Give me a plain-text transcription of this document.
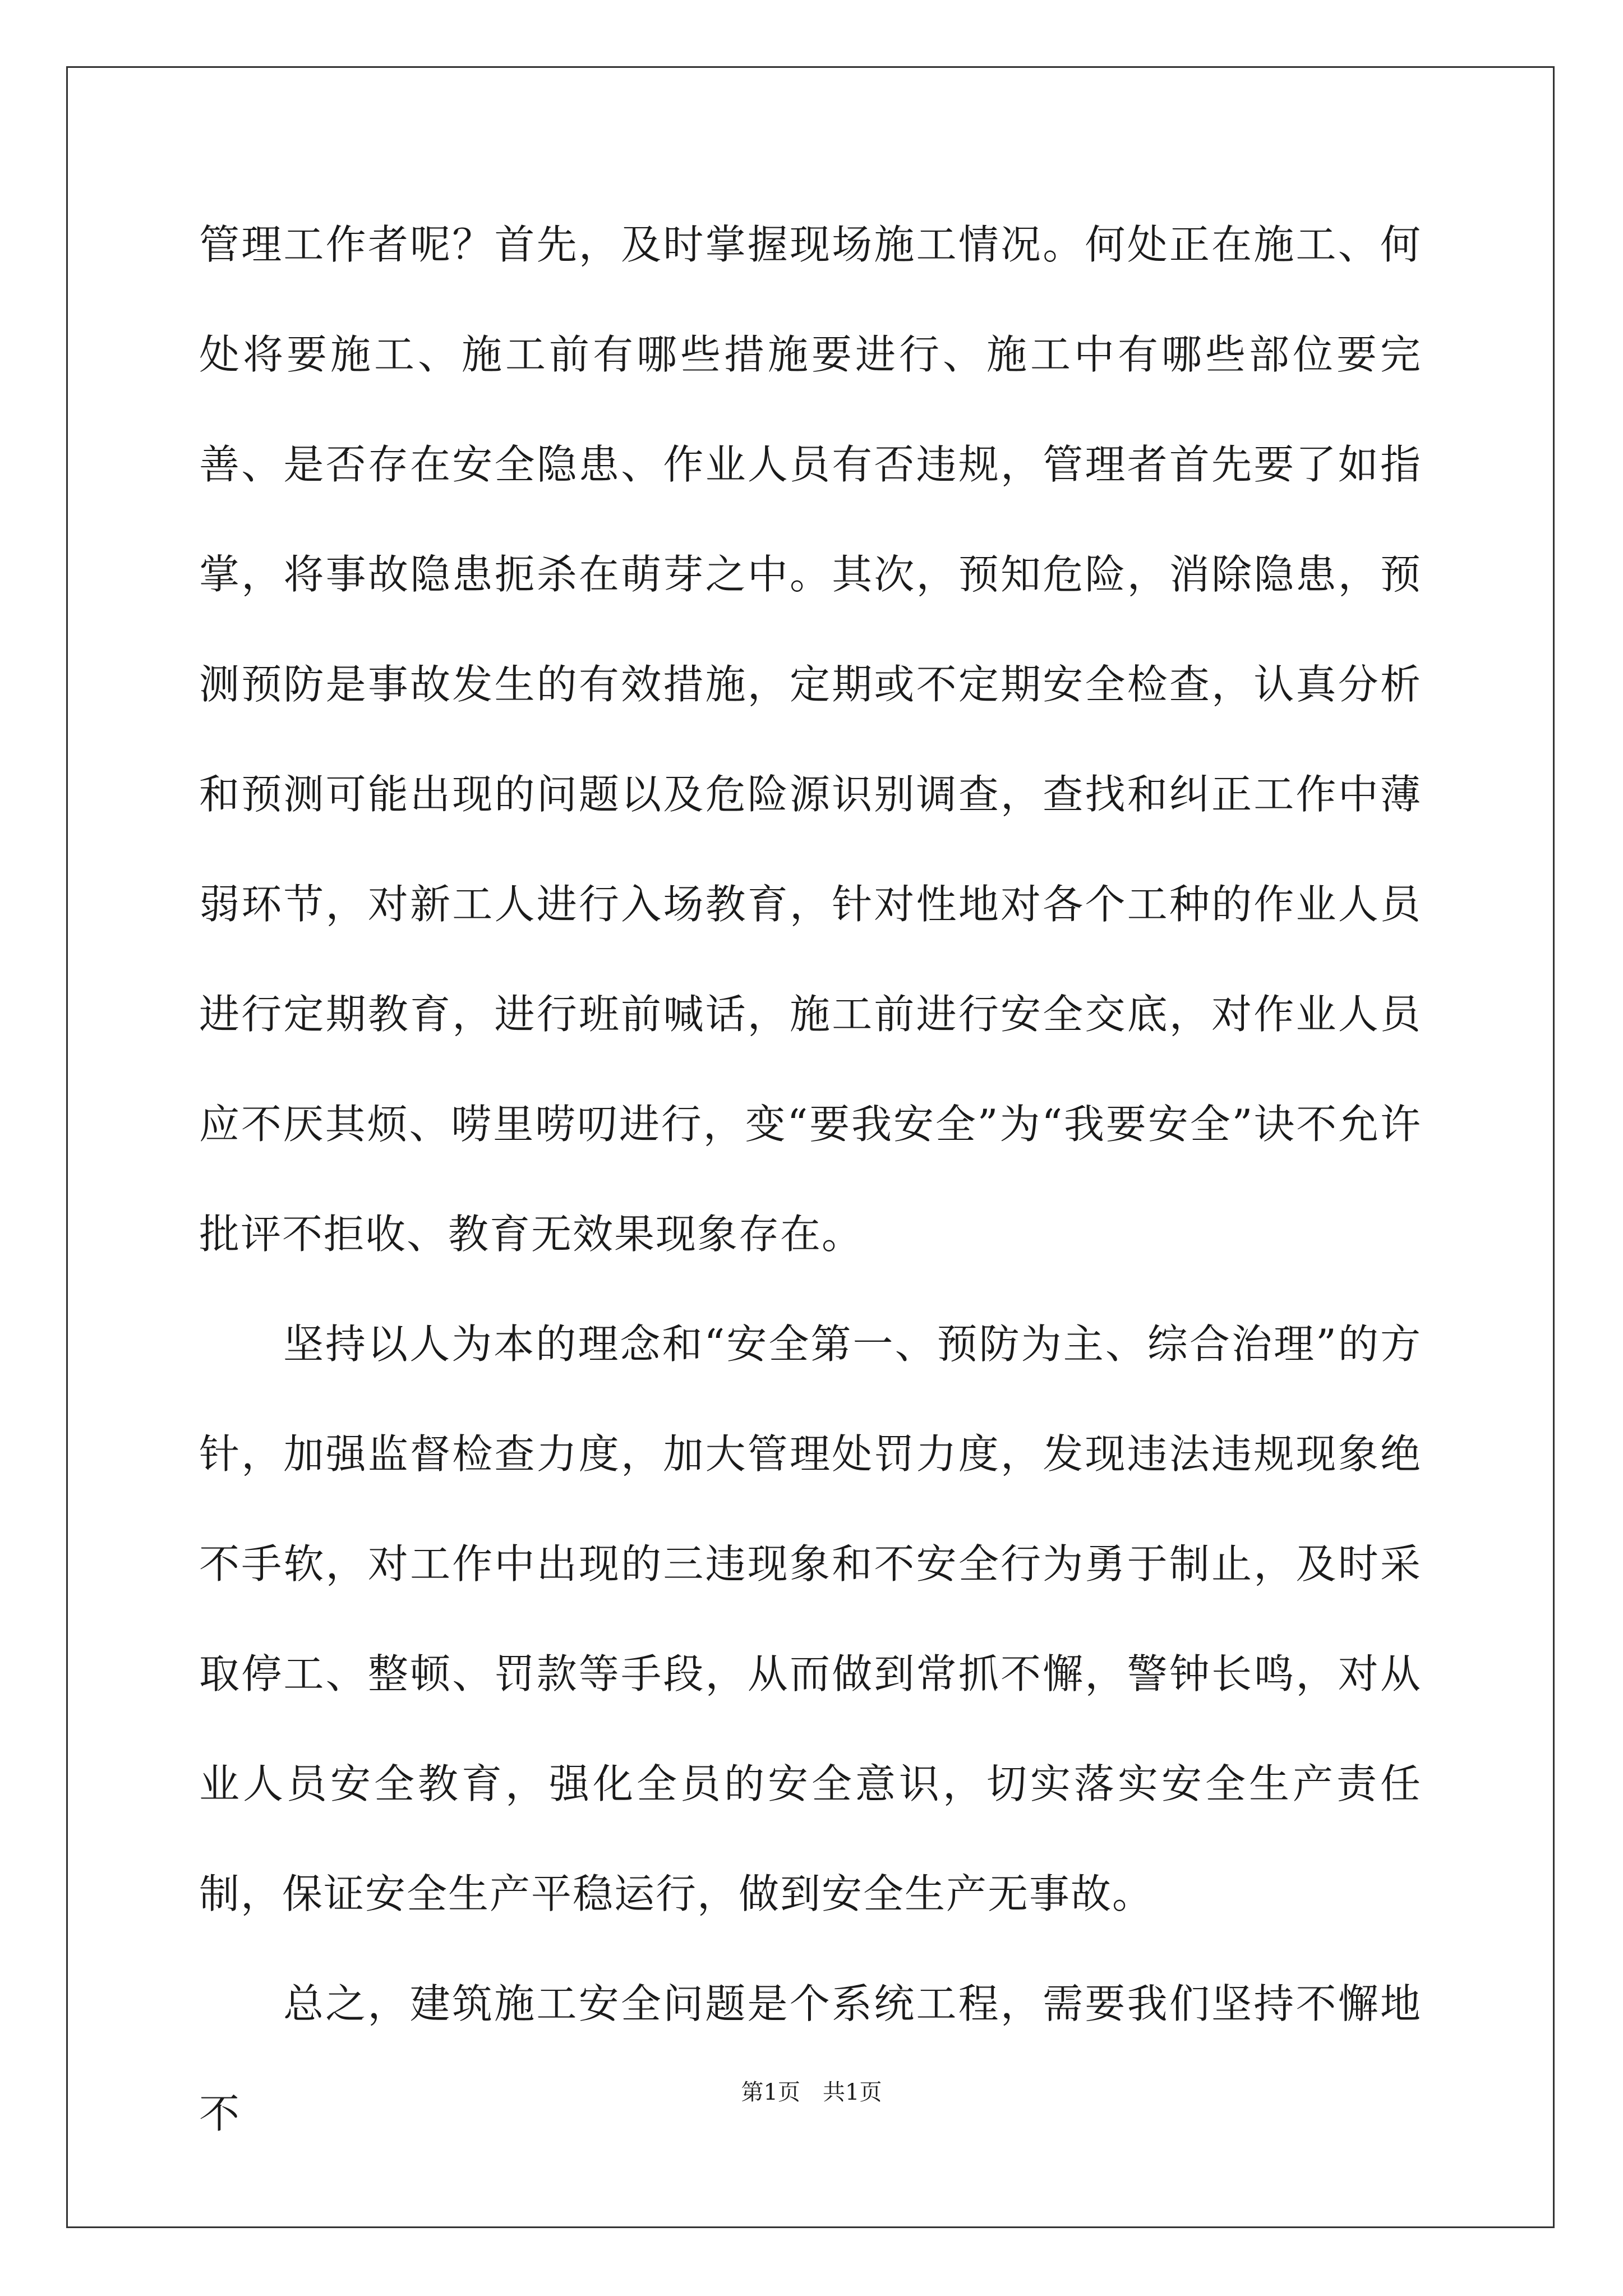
管理工作者呢？首先，及时掌握现场施工情况。何处正在施工、何处将要施工、施工前有哪些措施要进行、施工中有哪些部位要完善、是否存在安全隐患、作业人员有否违规，管理者首先要了如指掌，将事故隐患扼杀在萌芽之中。其次，预知危险，消除隐患，预测预防是事故发生的有效措施，定期或不定期安全检查，认真分析和预测可能出现的问题以及危险源识别调查，查找和纠正工作中薄弱环节，对新工人进行入场教育，针对性地对各个工种的作业人员进行定期教育，进行班前喊话，施工前进行安全交底，对作业人员应不厌其烦、唠里唠叨进行，变“要我安全”为“我要安全”诀不允许批评不拒收、教育无效果现象存在。

坚持以人为本的理念和“安全第一、预防为主、综合治理”的方针，加强监督检查力度，加大管理处罚力度，发现违法违规现象绝不手软，对工作中出现的三违现象和不安全行为勇于制止，及时采取停工、整顿、罚款等手段，从而做到常抓不懈，警钟长鸣，对从业人员安全教育，强化全员的安全意识，切实落实安全生产责任制，保证安全生产平稳运行，做到安全生产无事故。

总之，建筑施工安全问题是个系统工程，需要我们坚持不懈地不	第1页 共1页
